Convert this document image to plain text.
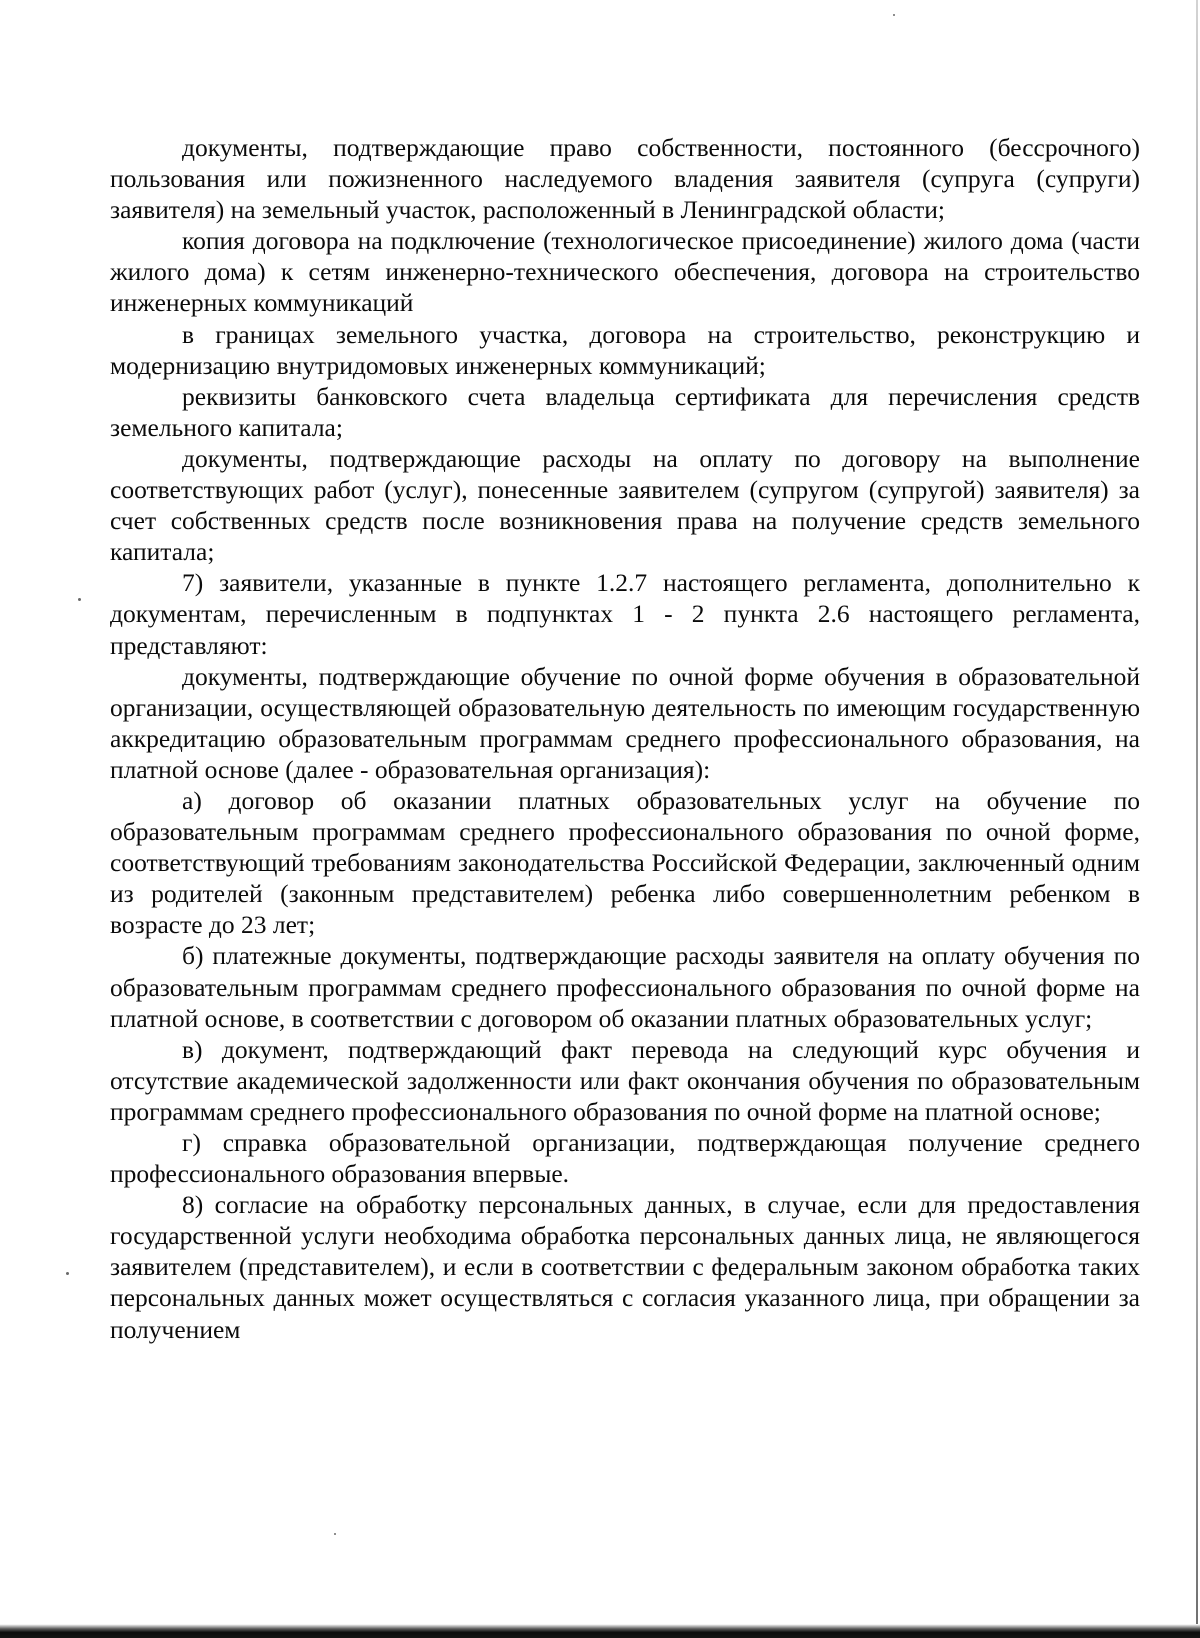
документы, подтверждающие право собственности, постоянного (бессрочного) пользования или пожизненного наследуемого владения заявителя (супруга (супруги) заявителя) на земельный участок, расположенный в Ленинградской области;

копия договора на подключение (технологическое присоединение) жилого дома (части жилого дома) к сетям инженерно-технического обеспечения, договора на строительство инженерных коммуникаций

в границах земельного участка, договора на строительство, реконструкцию и модернизацию внутридомовых инженерных коммуникаций;

реквизиты банковского счета владельца сертификата для перечисления средств земельного капитала;

документы, подтверждающие расходы на оплату по договору на выполнение соответствующих работ (услуг), понесенные заявителем (супругом (супругой) заявителя) за счет собственных средств после возникновения права на получение средств земельного капитала;

7) заявители, указанные в пункте 1.2.7 настоящего регламента, дополнительно к документам, перечисленным в подпунктах 1 - 2 пункта 2.6 настоящего регламента, представляют:

документы, подтверждающие обучение по очной форме обучения в образовательной организации, осуществляющей образовательную деятельность по имеющим государственную аккредитацию образовательным программам среднего профессионального образования, на платной основе (далее - образовательная организация):

а) договор об оказании платных образовательных услуг на обучение по образовательным программам среднего профессионального образования по очной форме, соответствующий требованиям законодательства Российской Федерации, заключенный одним из родителей (законным представителем) ребенка либо совершеннолетним ребенком в возрасте до 23 лет;

б) платежные документы, подтверждающие расходы заявителя на оплату обучения по образовательным программам среднего профессионального образования по очной форме на платной основе, в соответствии с договором об оказании платных образовательных услуг;

в) документ, подтверждающий факт перевода на следующий курс обучения и отсутствие академической задолженности или факт окончания обучения по образовательным программам среднего профессионального образования по очной форме на платной основе;

г) справка образовательной организации, подтверждающая получение среднего профессионального образования впервые.

8) согласие на обработку персональных данных, в случае, если для предоставления государственной услуги необходима обработка персональных данных лица, не являющегося заявителем (представителем), и если в соответствии с федеральным законом обработка таких персональных данных может осуществляться с согласия указанного лица, при обращении за получением
